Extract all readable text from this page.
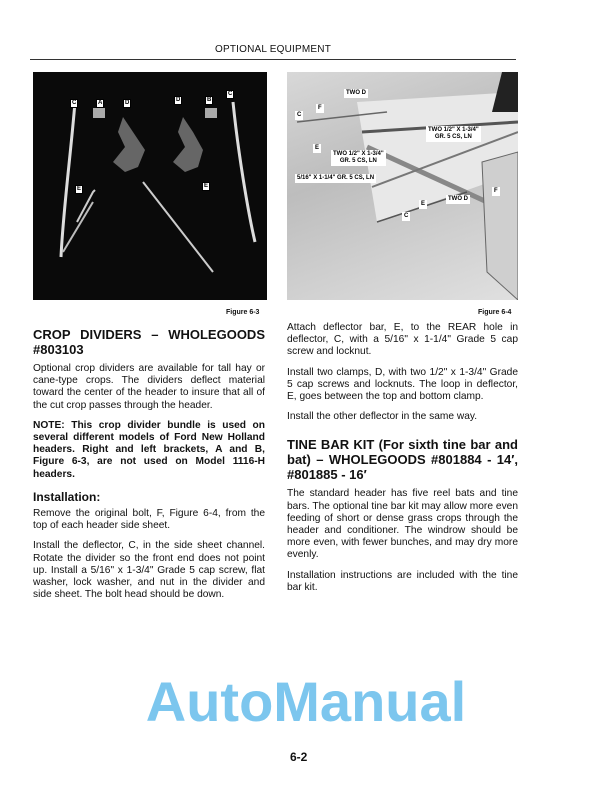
OPTIONAL EQUIPMENT
C	A	D	D	B
C
E	E
TWO D
F
C
E
TWO 1/2" X 1-3/4"
GR. 5 CS, LN
TWO 1/2" X 1-3/4"
GR. 5 CS, LN
5/16" X 1-1/4" GR. 5 CS, LN
F
TWO D
E
C
Figure 6-3	Figure 6-4
CROP DIVIDERS – WHOLEGOODS #803103

Optional crop dividers are available for tall hay or cane-type crops. The dividers deflect material toward the center of the header to insure that all of the cut crop passes through the header.

NOTE: This crop divider bundle is used on several different models of Ford New Holland headers. Right and left brackets, A and B, Figure 6-3, are not used on Model 1116-H headers.

Installation:

Remove the original bolt, F, Figure 6-4, from the top of each header side sheet.

Install the deflector, C, in the side sheet channel. Rotate the divider so the front end does not point up. Install a 5/16" x 1-3/4" Grade 5 cap screw, flat washer, lock washer, and nut in the divider and side sheet. The bolt head should be down.

Attach deflector bar, E, to the REAR hole in deflector, C, with a 5/16" x 1-1/4" Grade 5 cap screw and locknut.

Install two clamps, D, with two 1/2" x 1-3/4" Grade 5 cap screws and locknuts. The loop in deflector, E, goes between the top and bottom clamp.

Install the other deflector in the same way.

TINE BAR KIT (For sixth tine bar and bat) – WHOLEGOODS #801884 - 14′, #801885 - 16′

The standard header has five reel bats and tine bars. The optional tine bar kit may allow more even feeding of short or dense grass crops through the header and conditioner. The windrow should be more even, with fewer bunches, and may dry more evenly.

Installation instructions are included with the tine bar kit.

AutoManual
6-2
